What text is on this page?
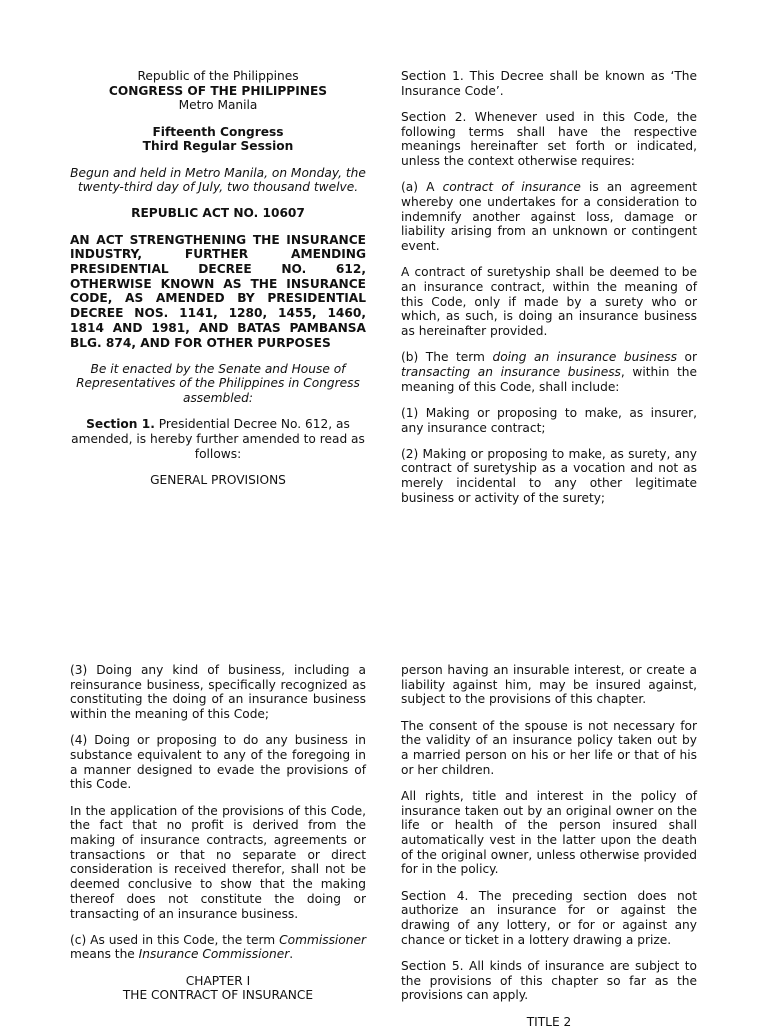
Republic of the Philippines
CONGRESS OF THE PHILIPPINES
Metro Manila

Fifteenth Congress
Third Regular Session

Begun and held in Metro Manila, on Monday, the twenty-third day of July, two thousand twelve.

REPUBLIC ACT NO. 10607

AN ACT STRENGTHENING THE INSURANCE INDUSTRY, FURTHER AMENDING PRESIDENTIAL DECREE NO. 612, OTHERWISE KNOWN AS THE INSURANCE CODE, AS AMENDED BY PRESIDENTIAL DECREE NOS. 1141, 1280, 1455, 1460, 1814 AND 1981, AND BATAS PAMBANSA BLG. 874, AND FOR OTHER PURPOSES

Be it enacted by the Senate and House of Representatives of the Philippines in Congress assembled:

Section 1. Presidential Decree No. 612, as amended, is hereby further amended to read as follows:

GENERAL PROVISIONS

Section 1. This Decree shall be known as ‘The Insurance Code’.

Section 2. Whenever used in this Code, the following terms shall have the respective meanings hereinafter set forth or indicated, unless the context otherwise requires:

(a) A contract of insurance is an agreement whereby one undertakes for a consideration to indemnify another against loss, damage or liability arising from an unknown or contingent event.

A contract of suretyship shall be deemed to be an insurance contract, within the meaning of this Code, only if made by a surety who or which, as such, is doing an insurance business as hereinafter provided.

(b) The term doing an insurance business or transacting an insurance business, within the meaning of this Code, shall include:

(1) Making or proposing to make, as insurer, any insurance contract;

(2) Making or proposing to make, as surety, any contract of suretyship as a vocation and not as merely incidental to any other legitimate business or activity of the surety;

(3) Doing any kind of business, including a reinsurance business, specifically recognized as constituting the doing of an insurance business within the meaning of this Code;

(4) Doing or proposing to do any business in substance equivalent to any of the foregoing in a manner designed to evade the provisions of this Code.

In the application of the provisions of this Code, the fact that no profit is derived from the making of insurance contracts, agreements or transactions or that no separate or direct consideration is received therefor, shall not be deemed conclusive to show that the making thereof does not constitute the doing or transacting of an insurance business.

(c) As used in this Code, the term Commissioner means the Insurance Commissioner.

CHAPTER I
THE CONTRACT OF INSURANCE

person having an insurable interest, or create a liability against him, may be insured against, subject to the provisions of this chapter.

The consent of the spouse is not necessary for the validity of an insurance policy taken out by a married person on his or her life or that of his or her children.

All rights, title and interest in the policy of insurance taken out by an original owner on the life or health of the person insured shall automatically vest in the latter upon the death of the original owner, unless otherwise provided for in the policy.

Section 4. The preceding section does not authorize an insurance for or against the drawing of any lottery, or for or against any chance or ticket in a lottery drawing a prize.

Section 5. All kinds of insurance are subject to the provisions of this chapter so far as the provisions can apply.

TITLE 2
